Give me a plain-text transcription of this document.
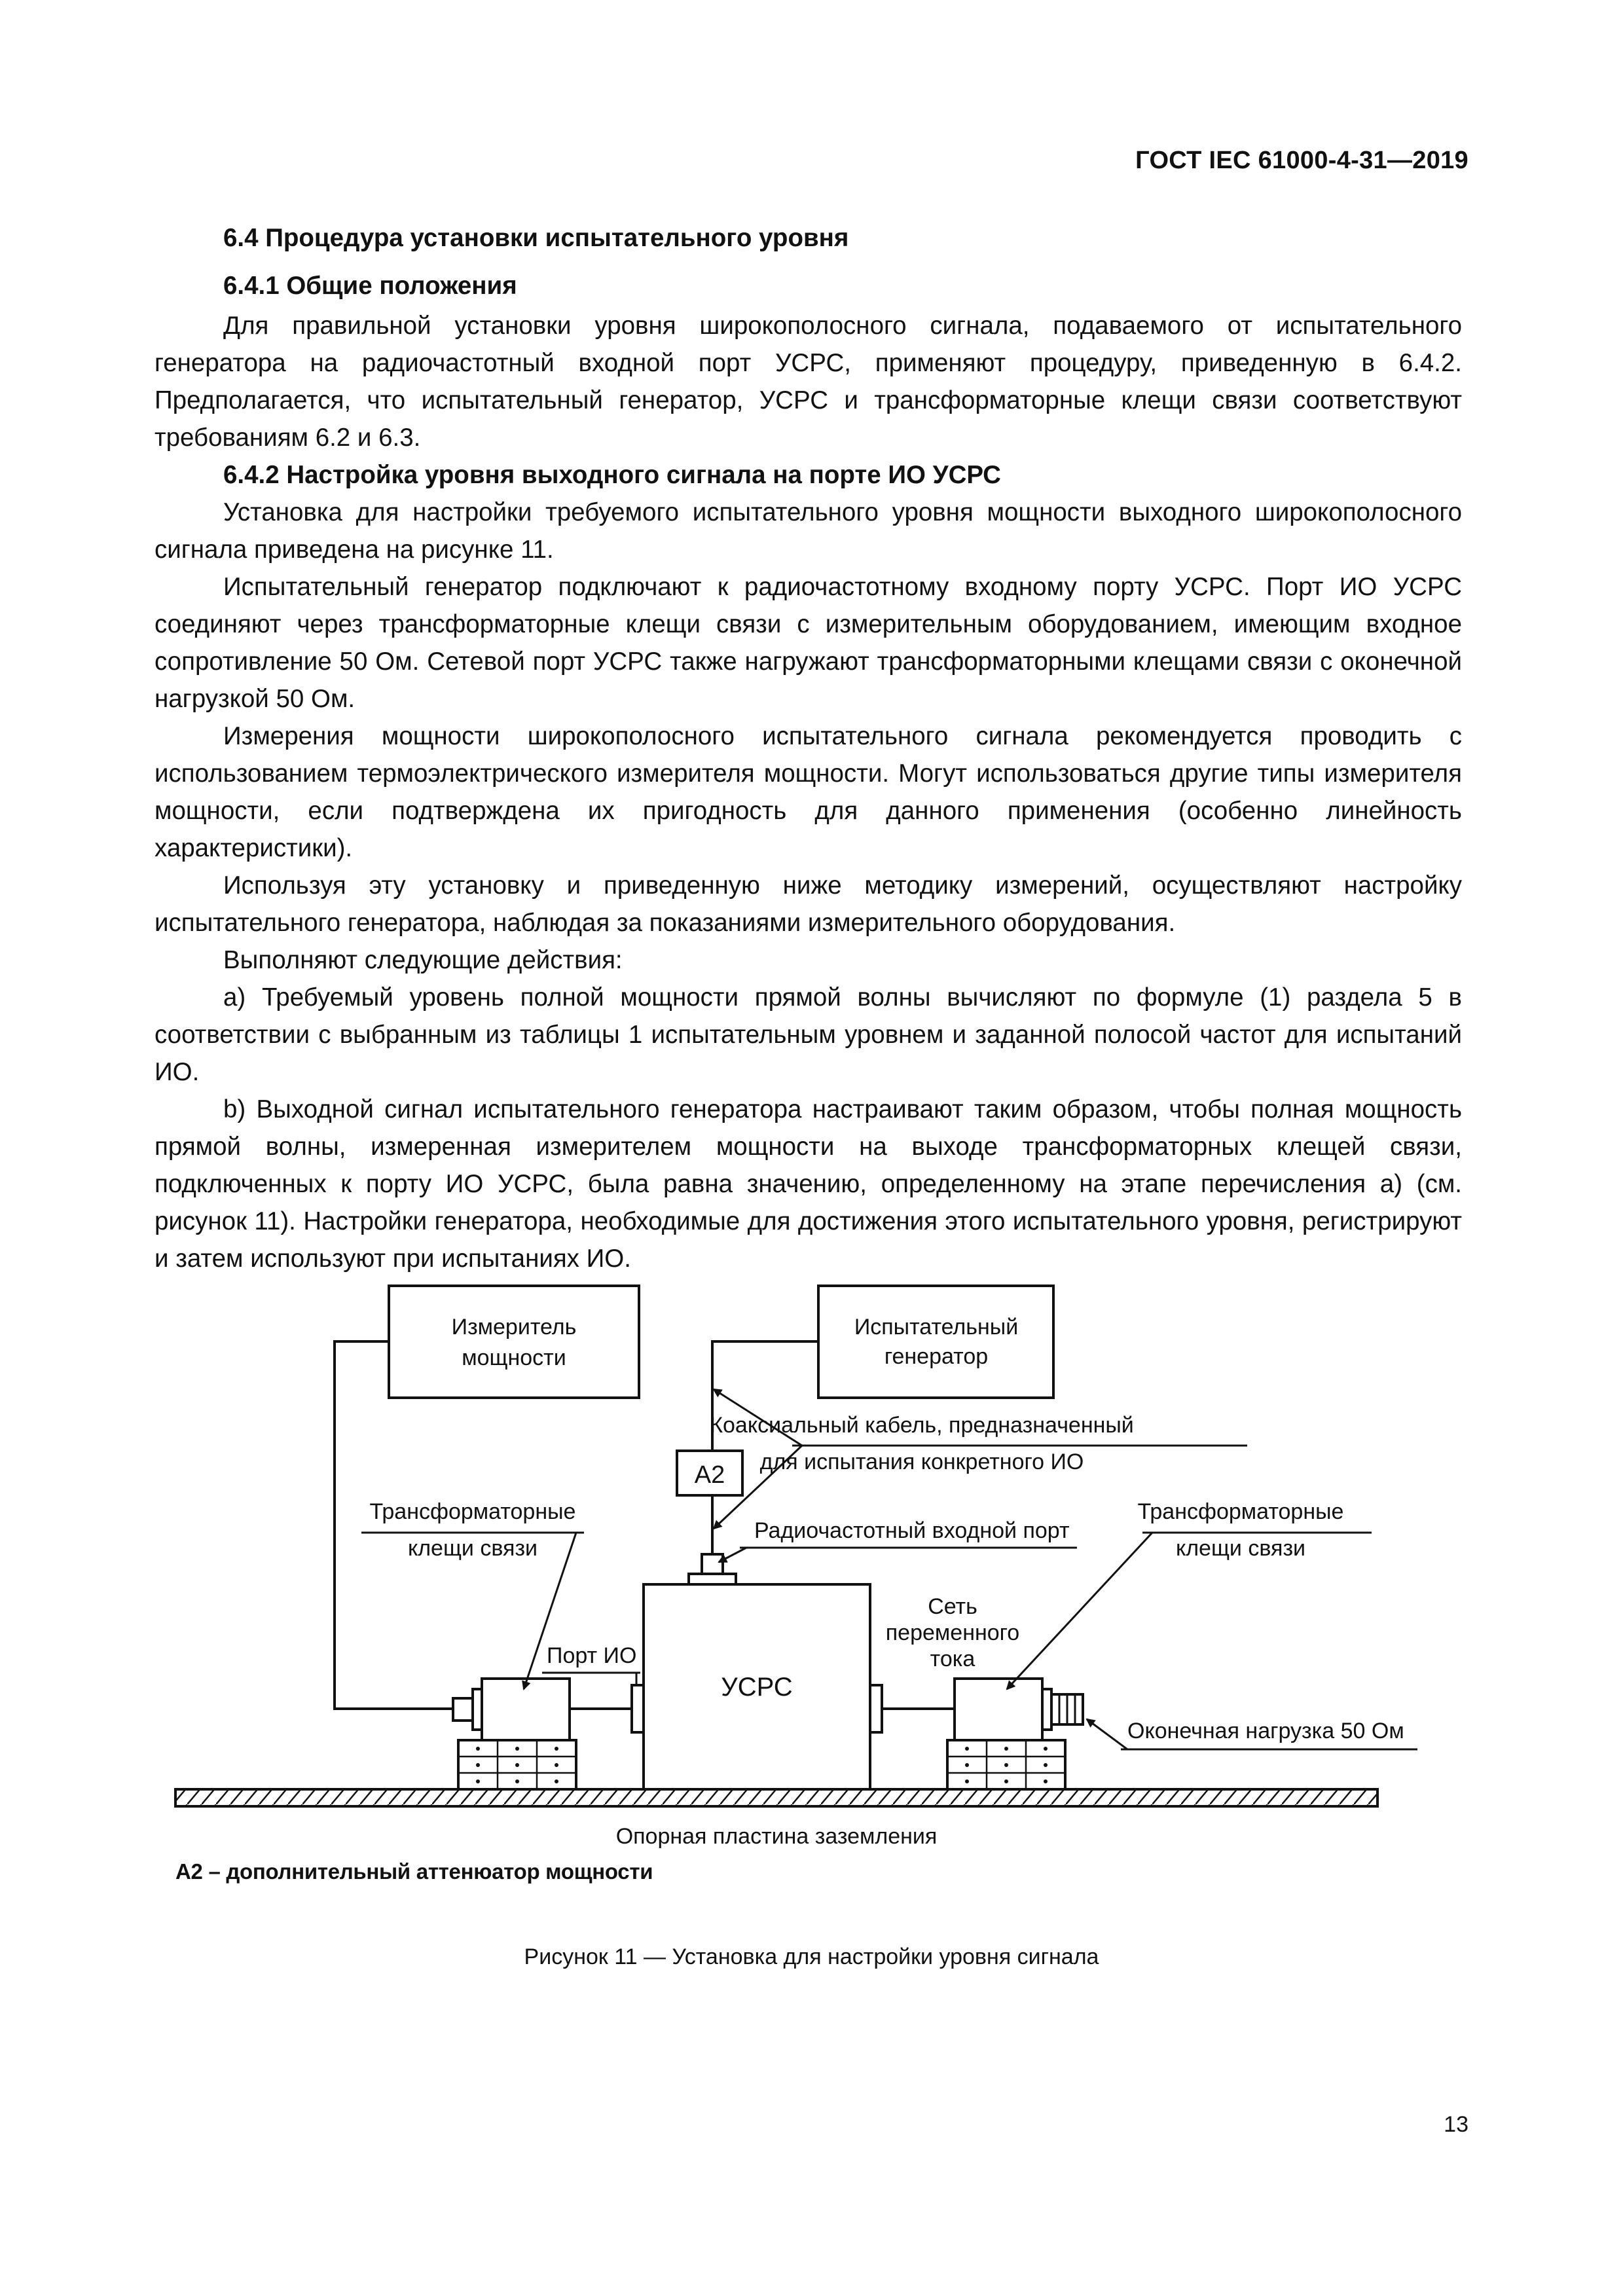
ГОСТ IEC 61000-4-31—2019

6.4 Процедура установки испытательного уровня

6.4.1 Общие положения

Для правильной установки уровня широкополосного сигнала, подаваемого от испытательного генератора на радиочастотный входной порт УСРС, применяют процедуру, приведенную в 6.4.2. Предполагается, что испытательный генератор, УСРС и трансформаторные клещи связи соответствуют требованиям 6.2 и 6.3.

6.4.2 Настройка уровня выходного сигнала на порте ИО УСРС

Установка для настройки требуемого испытательного уровня мощности выходного широкополосного сигнала приведена на рисунке 11.

Испытательный генератор подключают к радиочастотному входному порту УСРС. Порт ИО УСРС соединяют через трансформаторные клещи связи с измерительным оборудованием, имеющим входное сопротивление 50 Ом. Сетевой порт УСРС также нагружают трансформаторными клещами связи с оконечной нагрузкой 50 Ом.

Измерения мощности широкополосного испытательного сигнала рекомендуется проводить с использованием термоэлектрического измерителя мощности. Могут использоваться другие типы измерителя мощности, если подтверждена их пригодность для данного применения (особенно линейность характеристики).

Используя эту установку и приведенную ниже методику измерений, осуществляют настройку испытательного генератора, наблюдая за показаниями измерительного оборудования.

Выполняют следующие действия:

a) Требуемый уровень полной мощности прямой волны вычисляют по формуле (1) раздела 5 в соответствии с выбранным из таблицы 1 испытательным уровнем и заданной полосой частот для испытаний ИО.

b) Выходной сигнал испытательного генератора настраивают таким образом, чтобы полная мощность прямой волны, измеренная измерителем мощности на выходе трансформаторных клещей связи, подключенных к порту ИО УСРС, была равна значению, определенному на этапе перечисления a) (см. рисунок 11). Настройки генератора, необходимые для достижения этого испытательного уровня, регистрируют и затем используют при испытаниях ИО.

Измеритель
мощности
Испытательный
генератор
А2
УСРС
Коаксиальный кабель, предназначенный
для испытания конкретного ИО
Радиочастотный входной порт
Трансформаторные
клещи связи
Трансформаторные
клещи связи
Порт ИО
Сеть
переменного
тока
Оконечная нагрузка 50 Ом
Опорная пластина заземления
А2 – дополнительный аттенюатор мощности
Рисунок 11 — Установка для настройки уровня сигнала
13
